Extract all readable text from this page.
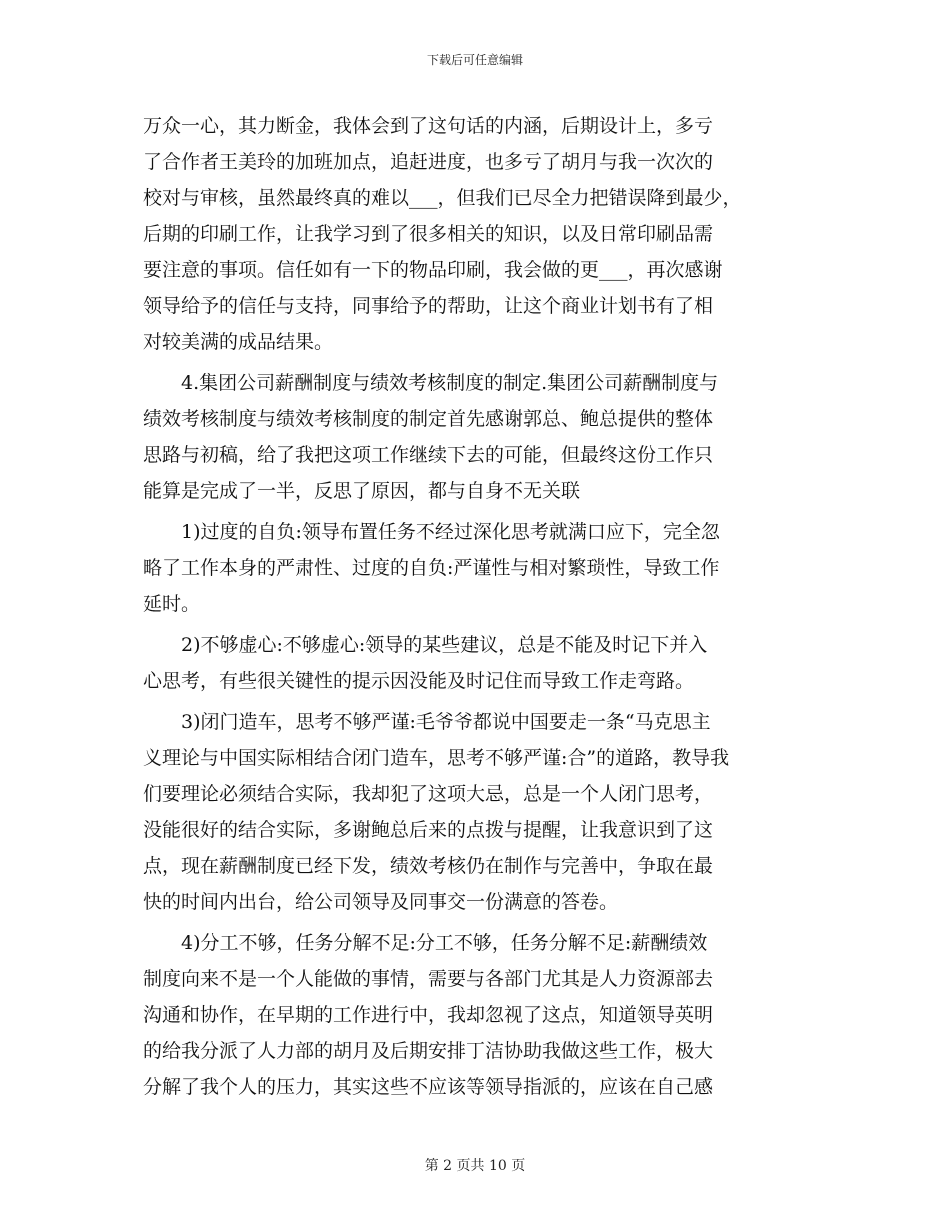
下载后可任意编辑

万众一心，其力断金，我体会到了这句话的内涵，后期设计上，多亏
了合作者王美玲的加班加点，追赶进度，也多亏了胡月与我一次次的
校对与审核，虽然最终真的难以___，但我们已尽全力把错误降到最少，
后期的印刷工作，让我学习到了很多相关的知识，以及日常印刷品需
要注意的事项。信任如有一下的物品印刷，我会做的更___，再次感谢
领导给予的信任与支持，同事给予的帮助，让这个商业计划书有了相
对较美满的成品结果。

4.集团公司薪酬制度与绩效考核制度的制定.集团公司薪酬制度与
绩效考核制度与绩效考核制度的制定首先感谢郭总、鲍总提供的整体
思路与初稿，给了我把这项工作继续下去的可能，但最终这份工作只
能算是完成了一半，反思了原因，都与自身不无关联

1)过度的自负:领导布置任务不经过深化思考就满口应下，完全忽
略了工作本身的严肃性、过度的自负:严谨性与相对繁琐性，导致工作
延时。

2)不够虚心:不够虚心:领导的某些建议，总是不能及时记下并入
心思考，有些很关键性的提示因没能及时记住而导致工作走弯路。

3)闭门造车，思考不够严谨:毛爷爷都说中国要走一条“马克思主
义理论与中国实际相结合闭门造车，思考不够严谨:合”的道路，教导我
们要理论必须结合实际，我却犯了这项大忌，总是一个人闭门思考，
没能很好的结合实际，多谢鲍总后来的点拨与提醒，让我意识到了这
点，现在薪酬制度已经下发，绩效考核仍在制作与完善中，争取在最
快的时间内出台，给公司领导及同事交一份满意的答卷。

4)分工不够，任务分解不足:分工不够，任务分解不足:薪酬绩效
制度向来不是一个人能做的事情，需要与各部门尤其是人力资源部去
沟通和协作，在早期的工作进行中，我却忽视了这点，知道领导英明
的给我分派了人力部的胡月及后期安排丁洁协助我做这些工作，极大
分解了我个人的压力，其实这些不应该等领导指派的，应该在自己感

第 2 页共 10 页
